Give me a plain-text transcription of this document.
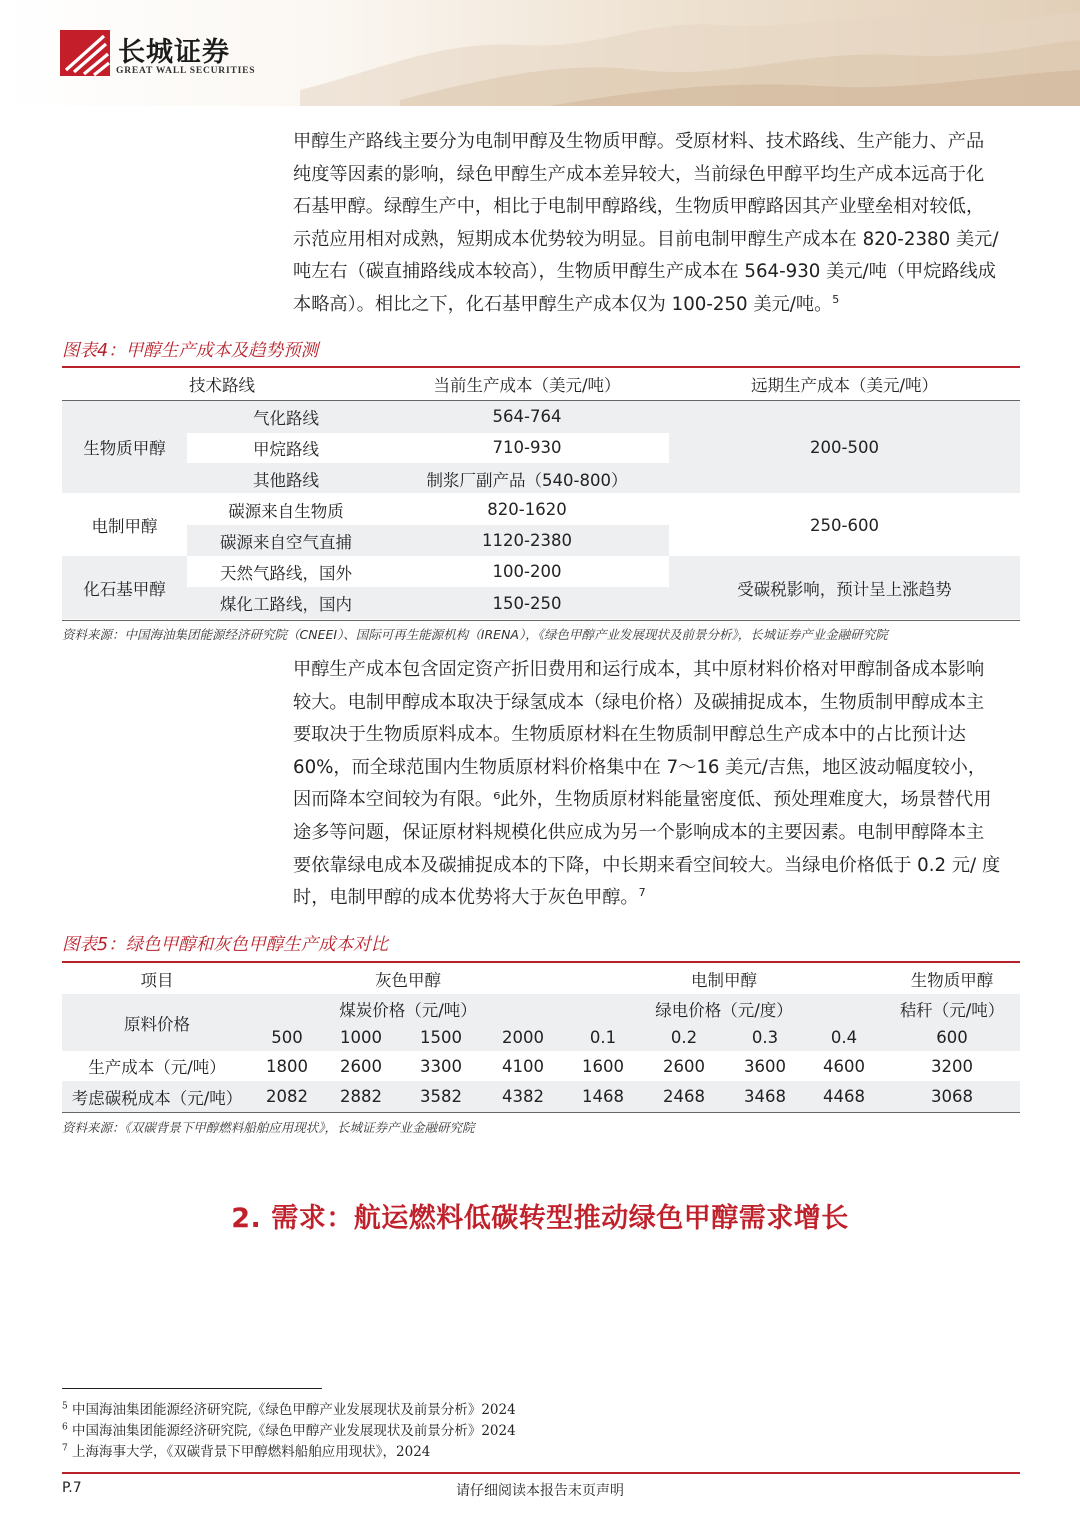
长城证券
GREAT WALL SECURITIES
甲醇生产路线主要分为电制甲醇及生物质甲醇。受原材料、技术路线、生产能力、产品
纯度等因素的影响，绿色甲醇生产成本差异较大，当前绿色甲醇平均生产成本远高于化
石基甲醇。绿醇生产中，相比于电制甲醇路线，生物质甲醇路因其产业壁垒相对较低，
示范应用相对成熟，短期成本优势较为明显。目前电制甲醇生产成本在 820-2380 美元/
吨左右（碳直捕路线成本较高），生物质甲醇生产成本在 564-930 美元/吨（甲烷路线成
本略高）。相比之下，化石基甲醇生产成本仅为 100-250 美元/吨。$^5$
图表4：甲醇生产成本及趋势预测
技术路线	当前生产成本（美元/吨）	远期生产成本（美元/吨）
生物质甲醇
气化路线	564-764
甲烷路线	710-930
其他路线	制浆厂副产品（540-800）
200-500
电制甲醇
碳源来自生物质	820-1620
碳源来自空气直捕	1120-2380
250-600
化石基甲醇
天然气路线，国外	100-200
煤化工路线，国内	150-250
受碳税影响，预计呈上涨趋势
资料来源：中国海油集团能源经济研究院（CNEEI）、国际可再生能源机构（IRENA），《绿色甲醇产业发展现状及前景分析》，长城证券产业金融研究院
甲醇生产成本包含固定资产折旧费用和运行成本，其中原材料价格对甲醇制备成本影响
较大。电制甲醇成本取决于绿氢成本（绿电价格）及碳捕捉成本，生物质制甲醇成本主
要取决于生物质原料成本。生物质原材料在生物质制甲醇总生产成本中的占比预计达
60%，而全球范围内生物质原材料价格集中在 7～16 美元/吉焦，地区波动幅度较小，
因而降本空间较为有限。⁶此外，生物质原材料能量密度低、预处理难度大，场景替代用
途多等问题，保证原材料规模化供应成为另一个影响成本的主要因素。电制甲醇降本主
要依靠绿电成本及碳捕捉成本的下降，中长期来看空间较大。当绿电价格低于 0.2 元/ 度
时，电制甲醇的成本优势将大于灰色甲醇。$^7$
图表5：绿色甲醇和灰色甲醇生产成本对比
项目	灰色甲醇	电制甲醇	生物质甲醇
原料价格
煤炭价格（元/吨）	绿电价格（元/度）	秸秆（元/吨）
500	1000	1500	2000	0.1	0.2	0.3	0.4	600
生产成本（元/吨）	1800	2600	3300	4100	1600	2600	3600	4600	3200
考虑碳税成本（元/吨）	2082	2882	3582	4382	1468	2468	3468	4468	3068
资料来源：《双碳背景下甲醇燃料船舶应用现状》，长城证券产业金融研究院
2. 需求：航运燃料低碳转型推动绿色甲醇需求增长
$^5$ 中国海油集团能源经济研究院,《绿色甲醇产业发展现状及前景分析》2024
$^6$ 中国海油集团能源经济研究院,《绿色甲醇产业发展现状及前景分析》2024
$^7$ 上海海事大学，《双碳背景下甲醇燃料船舶应用现状》，2024
请仔细阅读本报告末页声明
P.7
